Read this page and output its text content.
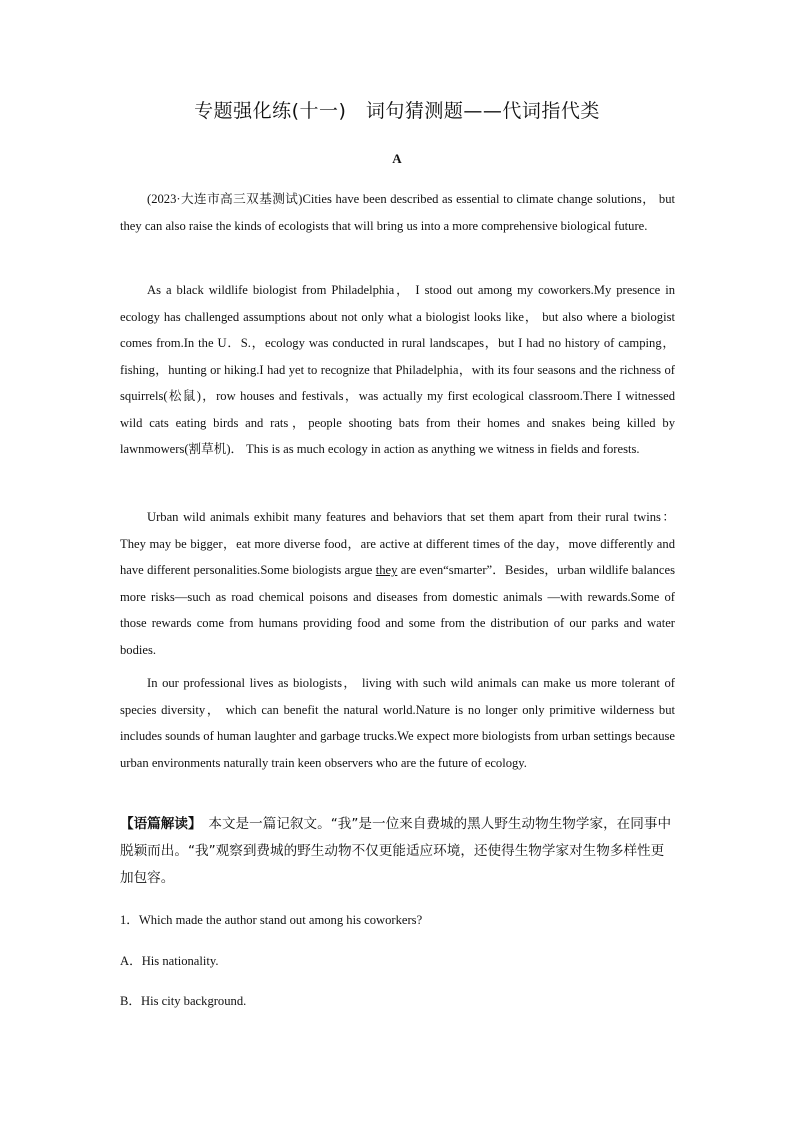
专题强化练(十一)　词句猜测题——代词指代类
A

(2023·大连市高三双基测试)Cities have been described as essential to climate change solutions， but they can also raise the kinds of ecologists that will bring us into a more comprehensive biological future.

As a black wildlife biologist from Philadelphia， I stood out among my coworkers.My presence in ecology has challenged assumptions about not only what a biologist looks like， but also where a biologist comes from.In the U．S.，ecology was conducted in rural landscapes，but I had no history of camping，fishing，hunting or hiking.I had yet to recognize that Philadelphia，with its four seasons and the richness of squirrels(松鼠)，row houses and festivals，was actually my first ecological classroom.There I witnessed wild cats eating birds and rats，people shooting bats from their homes and snakes being killed by lawnmowers(割草机)． This is as much ecology in action as anything we witness in fields and forests.

Urban wild animals exhibit many features and behaviors that set them apart from their rural twins：They may be bigger，eat more diverse food，are active at different times of the day，move differently and have different personalities.Some biologists argue they are even“smarter”．Besides，urban wildlife balances more risks—such as road chemical poisons and diseases from domestic animals —with rewards.Some of those rewards come from humans providing food and some from the distribution of our parks and water bodies.

In our professional lives as biologists， living with such wild animals can make us more tolerant of species diversity， which can benefit the natural world.Nature is no longer only primitive wilderness but includes sounds of human laughter and garbage trucks.We expect more biologists from urban settings because urban environments naturally train keen observers who are the future of ecology.

【语篇解读】　本文是一篇记叙文。“我”是一位来自费城的黑人野生动物生物学家，在同事中脱颖而出。“我”观察到费城的野生动物不仅更能适应环境，还使得生物学家对生物多样性更加包容。

1．Which made the author stand out among his coworkers?

A．His nationality.

B．His city background.
